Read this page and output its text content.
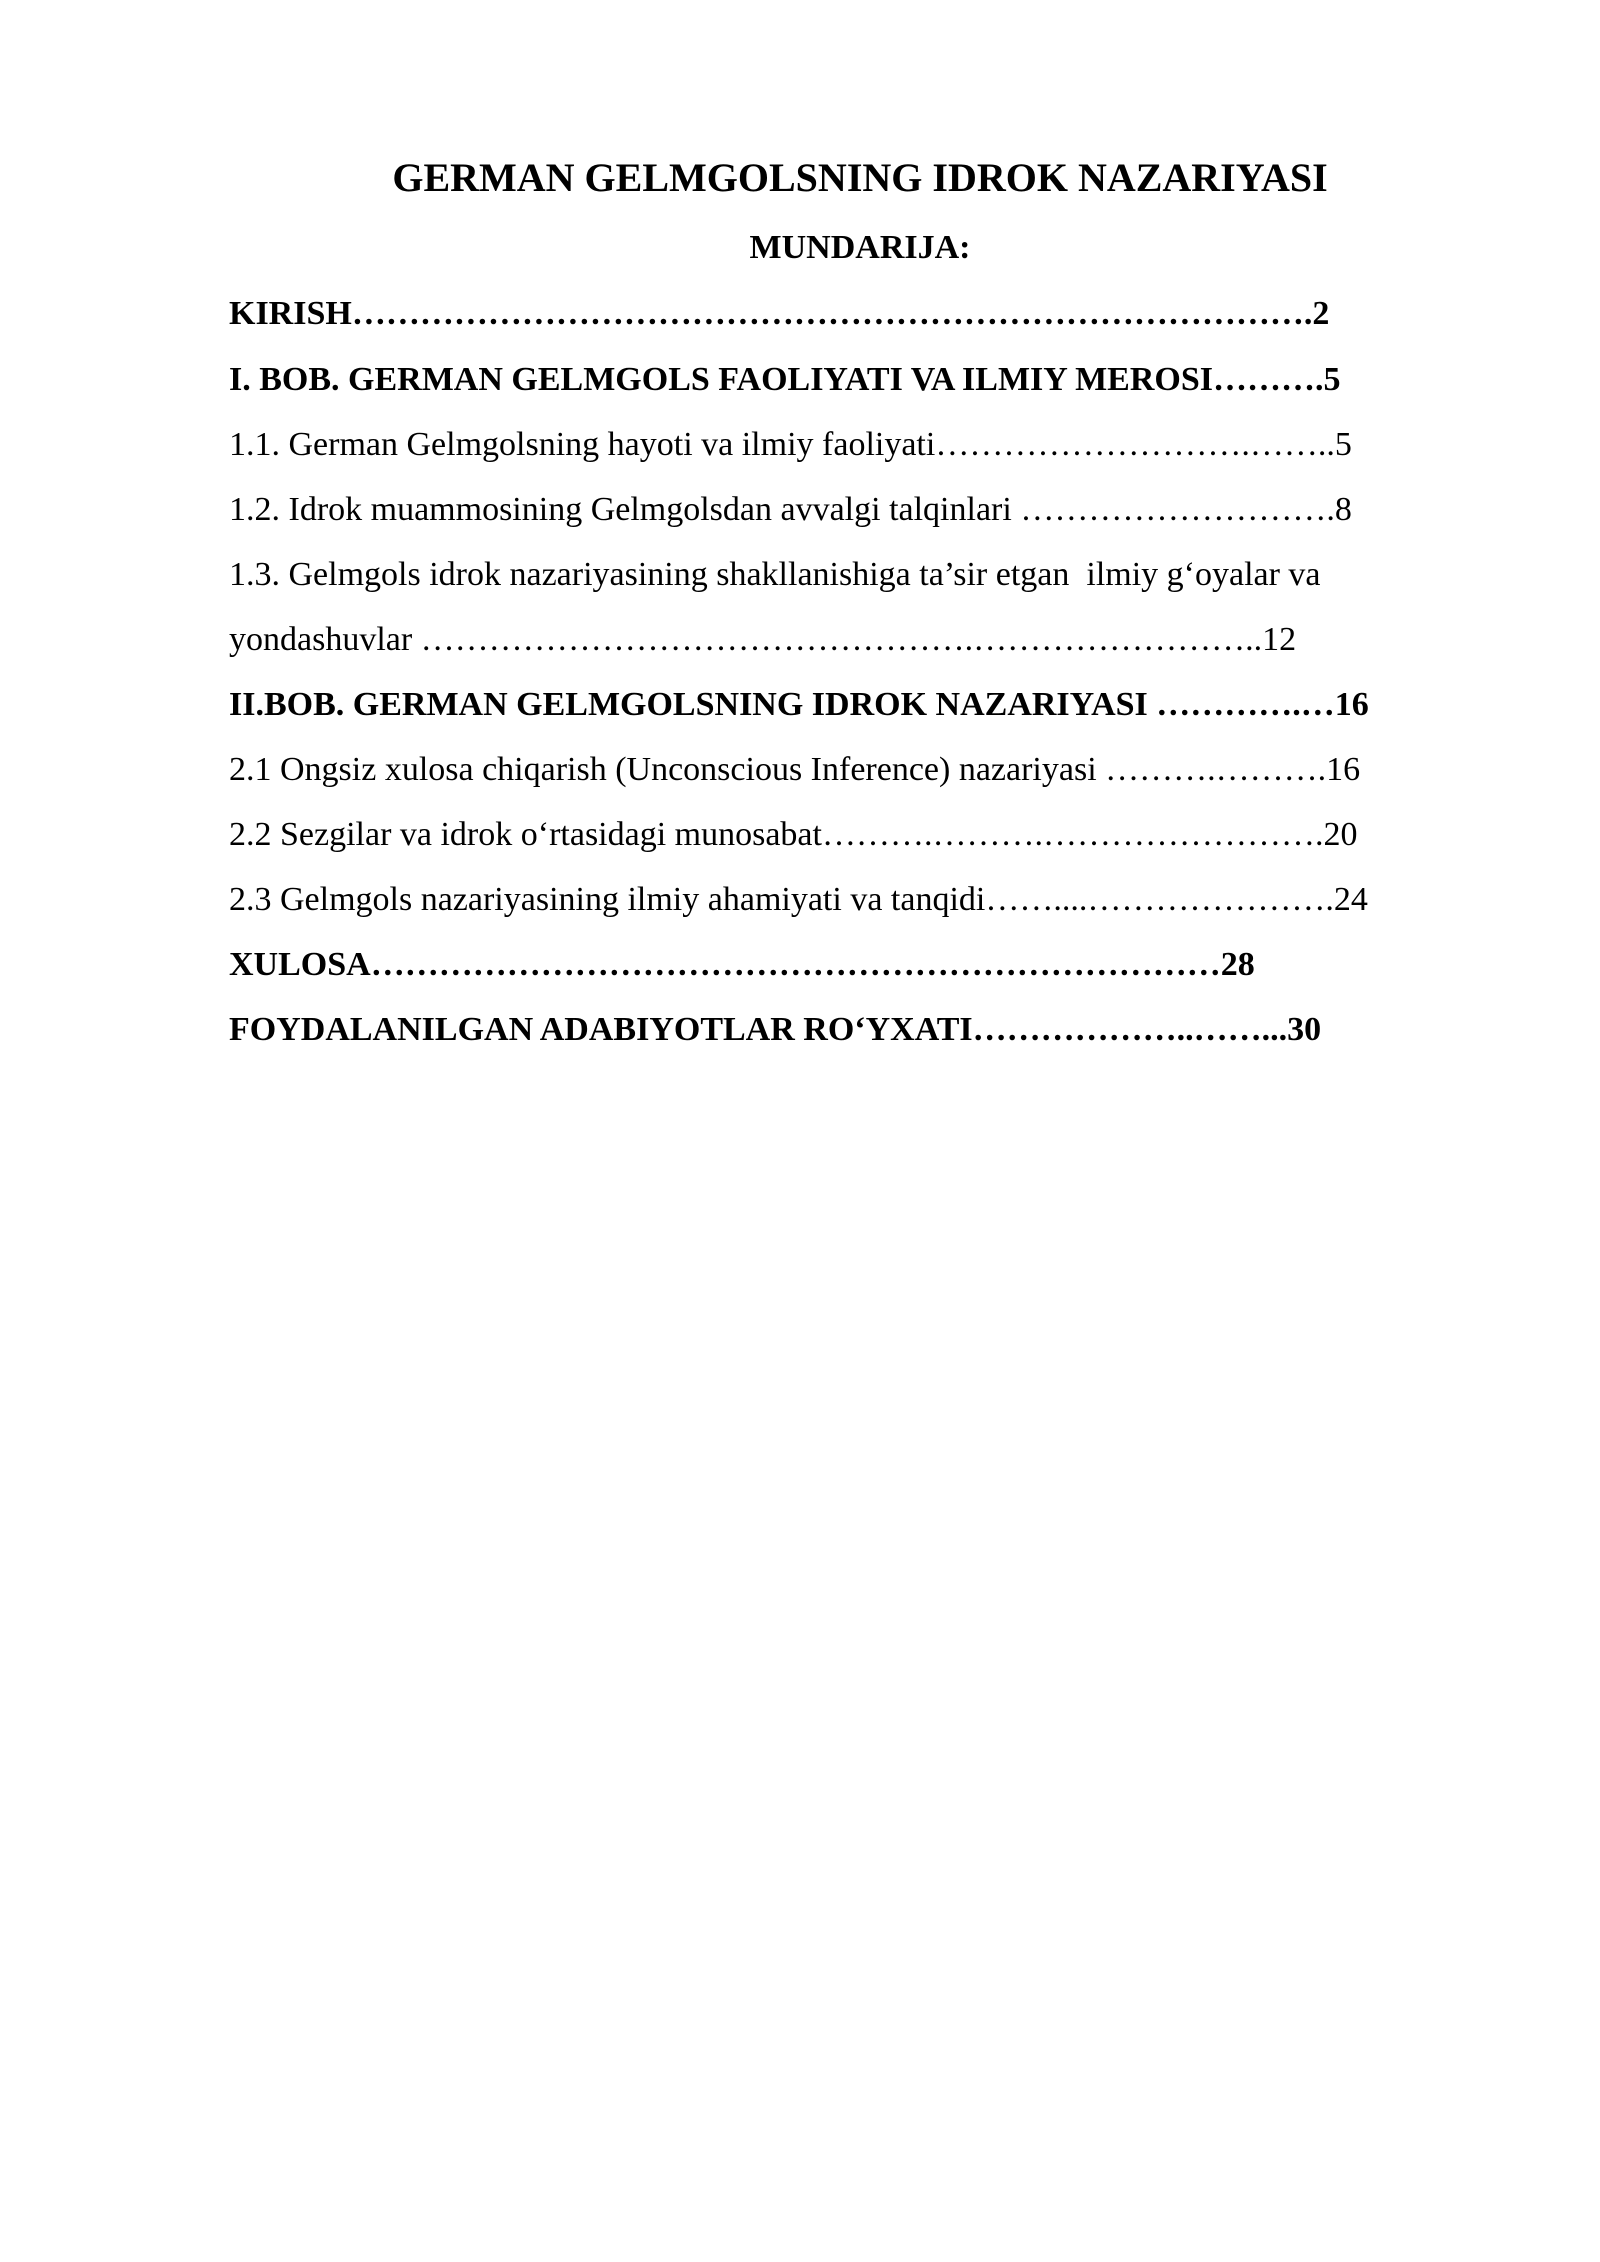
GERMAN GELMGOLSNING IDROK NAZARIYASI
MUNDARIJA:
KIRISH………………………………………………………………………….2
I. BOB. GERMAN GELMGOLS FAOLIYATI VA ILMIY MEROSI……….5
1.1. German Gelmgolsning hayoti va ilmiy faoliyati……………………….……..5
1.2. Idrok muammosining Gelmgolsdan avvalgi talqinlari ……………………….8
1.3. Gelmgols idrok nazariyasining shakllanishiga ta’sir etgan  ilmiy g‘oyalar va
yondashuvlar ………………………………………….……………………..12
II.BOB. GERMAN GELMGOLSNING IDROK NAZARIYASI ………….…16
2.1 Ongsiz xulosa chiqarish (Unconscious Inference) nazariyasi ……….……….16
2.2 Sezgilar va idrok o‘rtasidagi munosabat……….……….…………………….20
2.3 Gelmgols nazariyasining ilmiy ahamiyati va tanqidi……....………………….24
XULOSA…………………………………………………………………28
FOYDALANILGAN ADABIYOTLAR RO‘YXATI………………..……...30
